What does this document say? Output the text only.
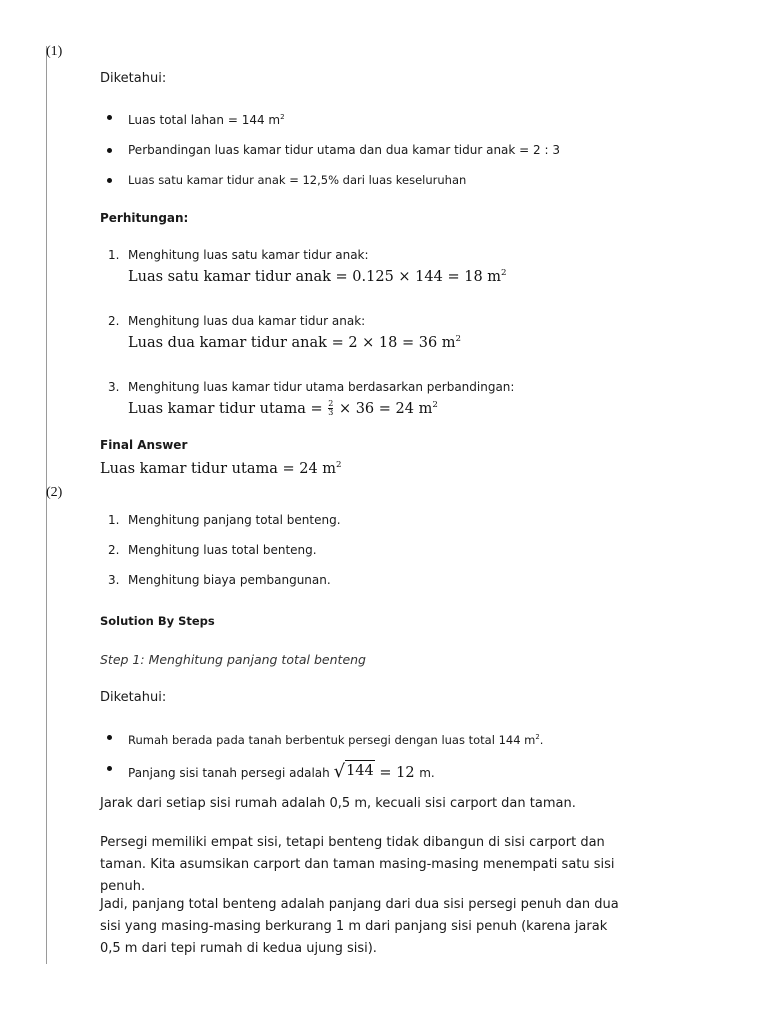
(1)

Diketahui:

Luas total lahan = 144 $m^2$
Perbandingan luas kamar tidur utama dan dua kamar tidur anak = 2 : 3
Luas satu kamar tidur anak = 12,5% dari luas keseluruhan
Perhitungan:
1. Menghitung luas satu kamar tidur anak:
Luas satu kamar tidur anak = 0.125 × 144 = 18 $m^2$
2. Menghitung luas dua kamar tidur anak:
Luas dua kamar tidur anak = 2 × 18 = 36 $m^2$
3. Menghitung luas kamar tidur utama berdasarkan perbandingan:
Luas kamar tidur utama = $\frac{2}{3} \times 36 = 24$ $m^2$
Final Answer
Luas kamar tidur utama = 24 $m^2$
(2)
1. Menghitung panjang total benteng.
2. Menghitung luas total benteng.
3. Menghitung biaya pembangunan.
Solution By Steps
Step 1: Menghitung panjang total benteng

Diketahui:

Rumah berada pada tanah berbentuk persegi dengan luas total 144 $m^2$.
Panjang sisi tanah persegi adalah √ 144 = 12 m.

Jarak dari setiap sisi rumah adalah 0,5 m, kecuali sisi carport dan taman.

Persegi memiliki empat sisi, tetapi benteng tidak dibangun di sisi carport dan taman. Kita asumsikan carport dan taman masing-masing menempati satu sisi penuh.

Jadi, panjang total benteng adalah panjang dari dua sisi persegi penuh dan dua sisi yang masing-masing berkurang 1 m dari panjang sisi penuh (karena jarak 0,5 m dari tepi rumah di kedua ujung sisi).
